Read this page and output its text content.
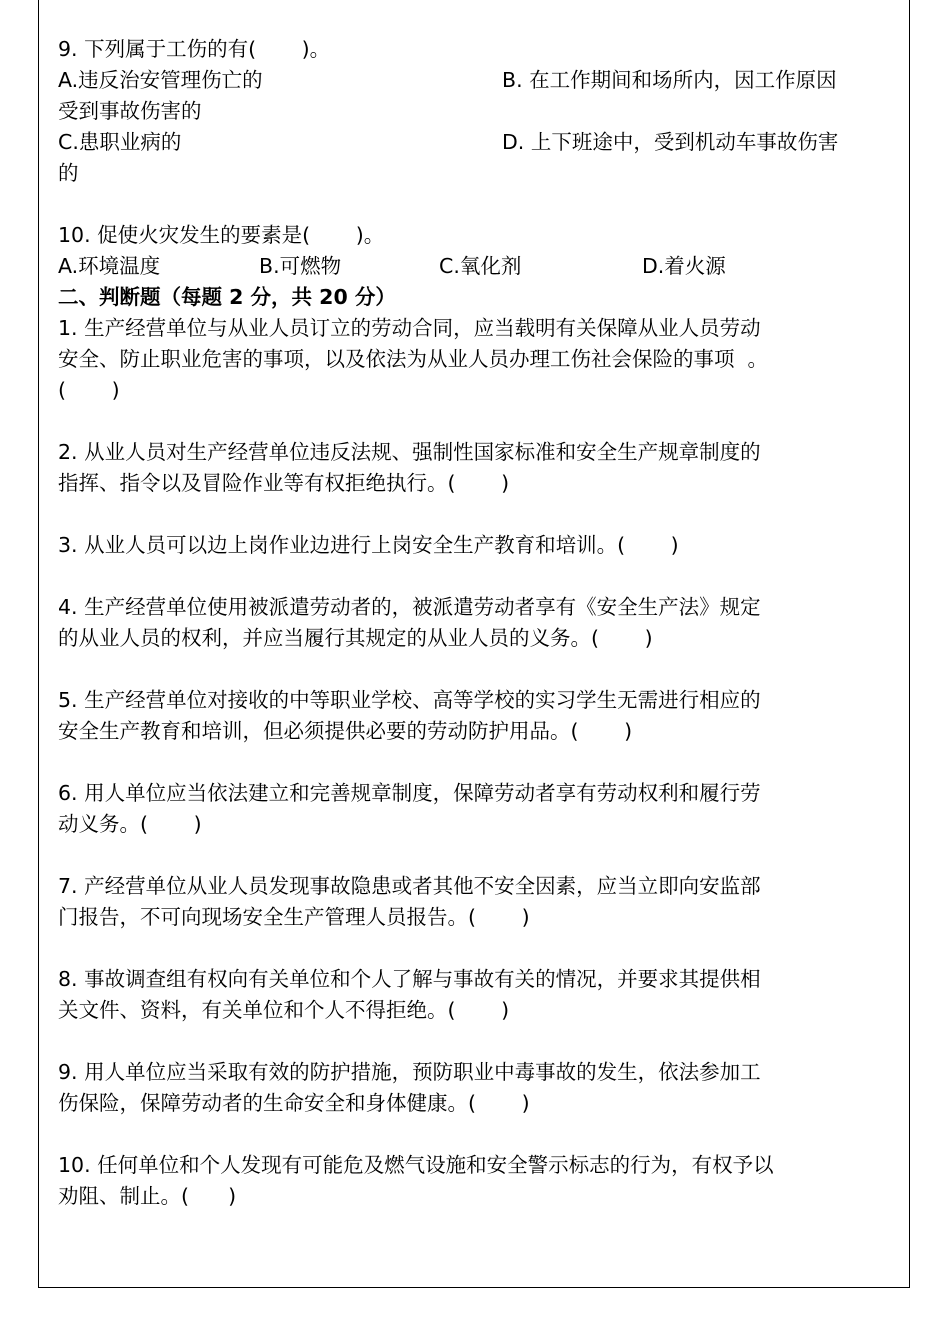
9. 下列属于工伤的有(       )。
A.违反治安管理伤亡的	B. 在工作期间和场所内，因工作原因
受到事故伤害的
C.患职业病的	D. 上下班途中，受到机动车事故伤害
的
10. 促使火灾发生的要素是(       )。
A.环境温度	B.可燃物	C.氧化剂	D.着火源
二、判断题（每题 2 分，共 20 分）
1. 生产经营单位与从业人员订立的劳动合同，应当载明有关保障从业人员劳动
安全、防止职业危害的事项，以及依法为从业人员办理工伤社会保险的事项  。
(       )
2. 从业人员对生产经营单位违反法规、强制性国家标准和安全生产规章制度的
指挥、指令以及冒险作业等有权拒绝执行。(       )
3. 从业人员可以边上岗作业边进行上岗安全生产教育和培训。(       )
4. 生产经营单位使用被派遣劳动者的，被派遣劳动者享有《安全生产法》规定
的从业人员的权利，并应当履行其规定的从业人员的义务。(       )
5. 生产经营单位对接收的中等职业学校、高等学校的实习学生无需进行相应的
安全生产教育和培训，但必须提供必要的劳动防护用品。(       )
6. 用人单位应当依法建立和完善规章制度，保障劳动者享有劳动权利和履行劳
动义务。(       )
7. 产经营单位从业人员发现事故隐患或者其他不安全因素，应当立即向安监部
门报告，不可向现场安全生产管理人员报告。(       )
8. 事故调查组有权向有关单位和个人了解与事故有关的情况，并要求其提供相
关文件、资料，有关单位和个人不得拒绝。(       )
9. 用人单位应当采取有效的防护措施，预防职业中毒事故的发生，依法参加工
伤保险，保障劳动者的生命安全和身体健康。(       )
10. 任何单位和个人发现有可能危及燃气设施和安全警示标志的行为，有权予以
劝阻、制止。(      )
